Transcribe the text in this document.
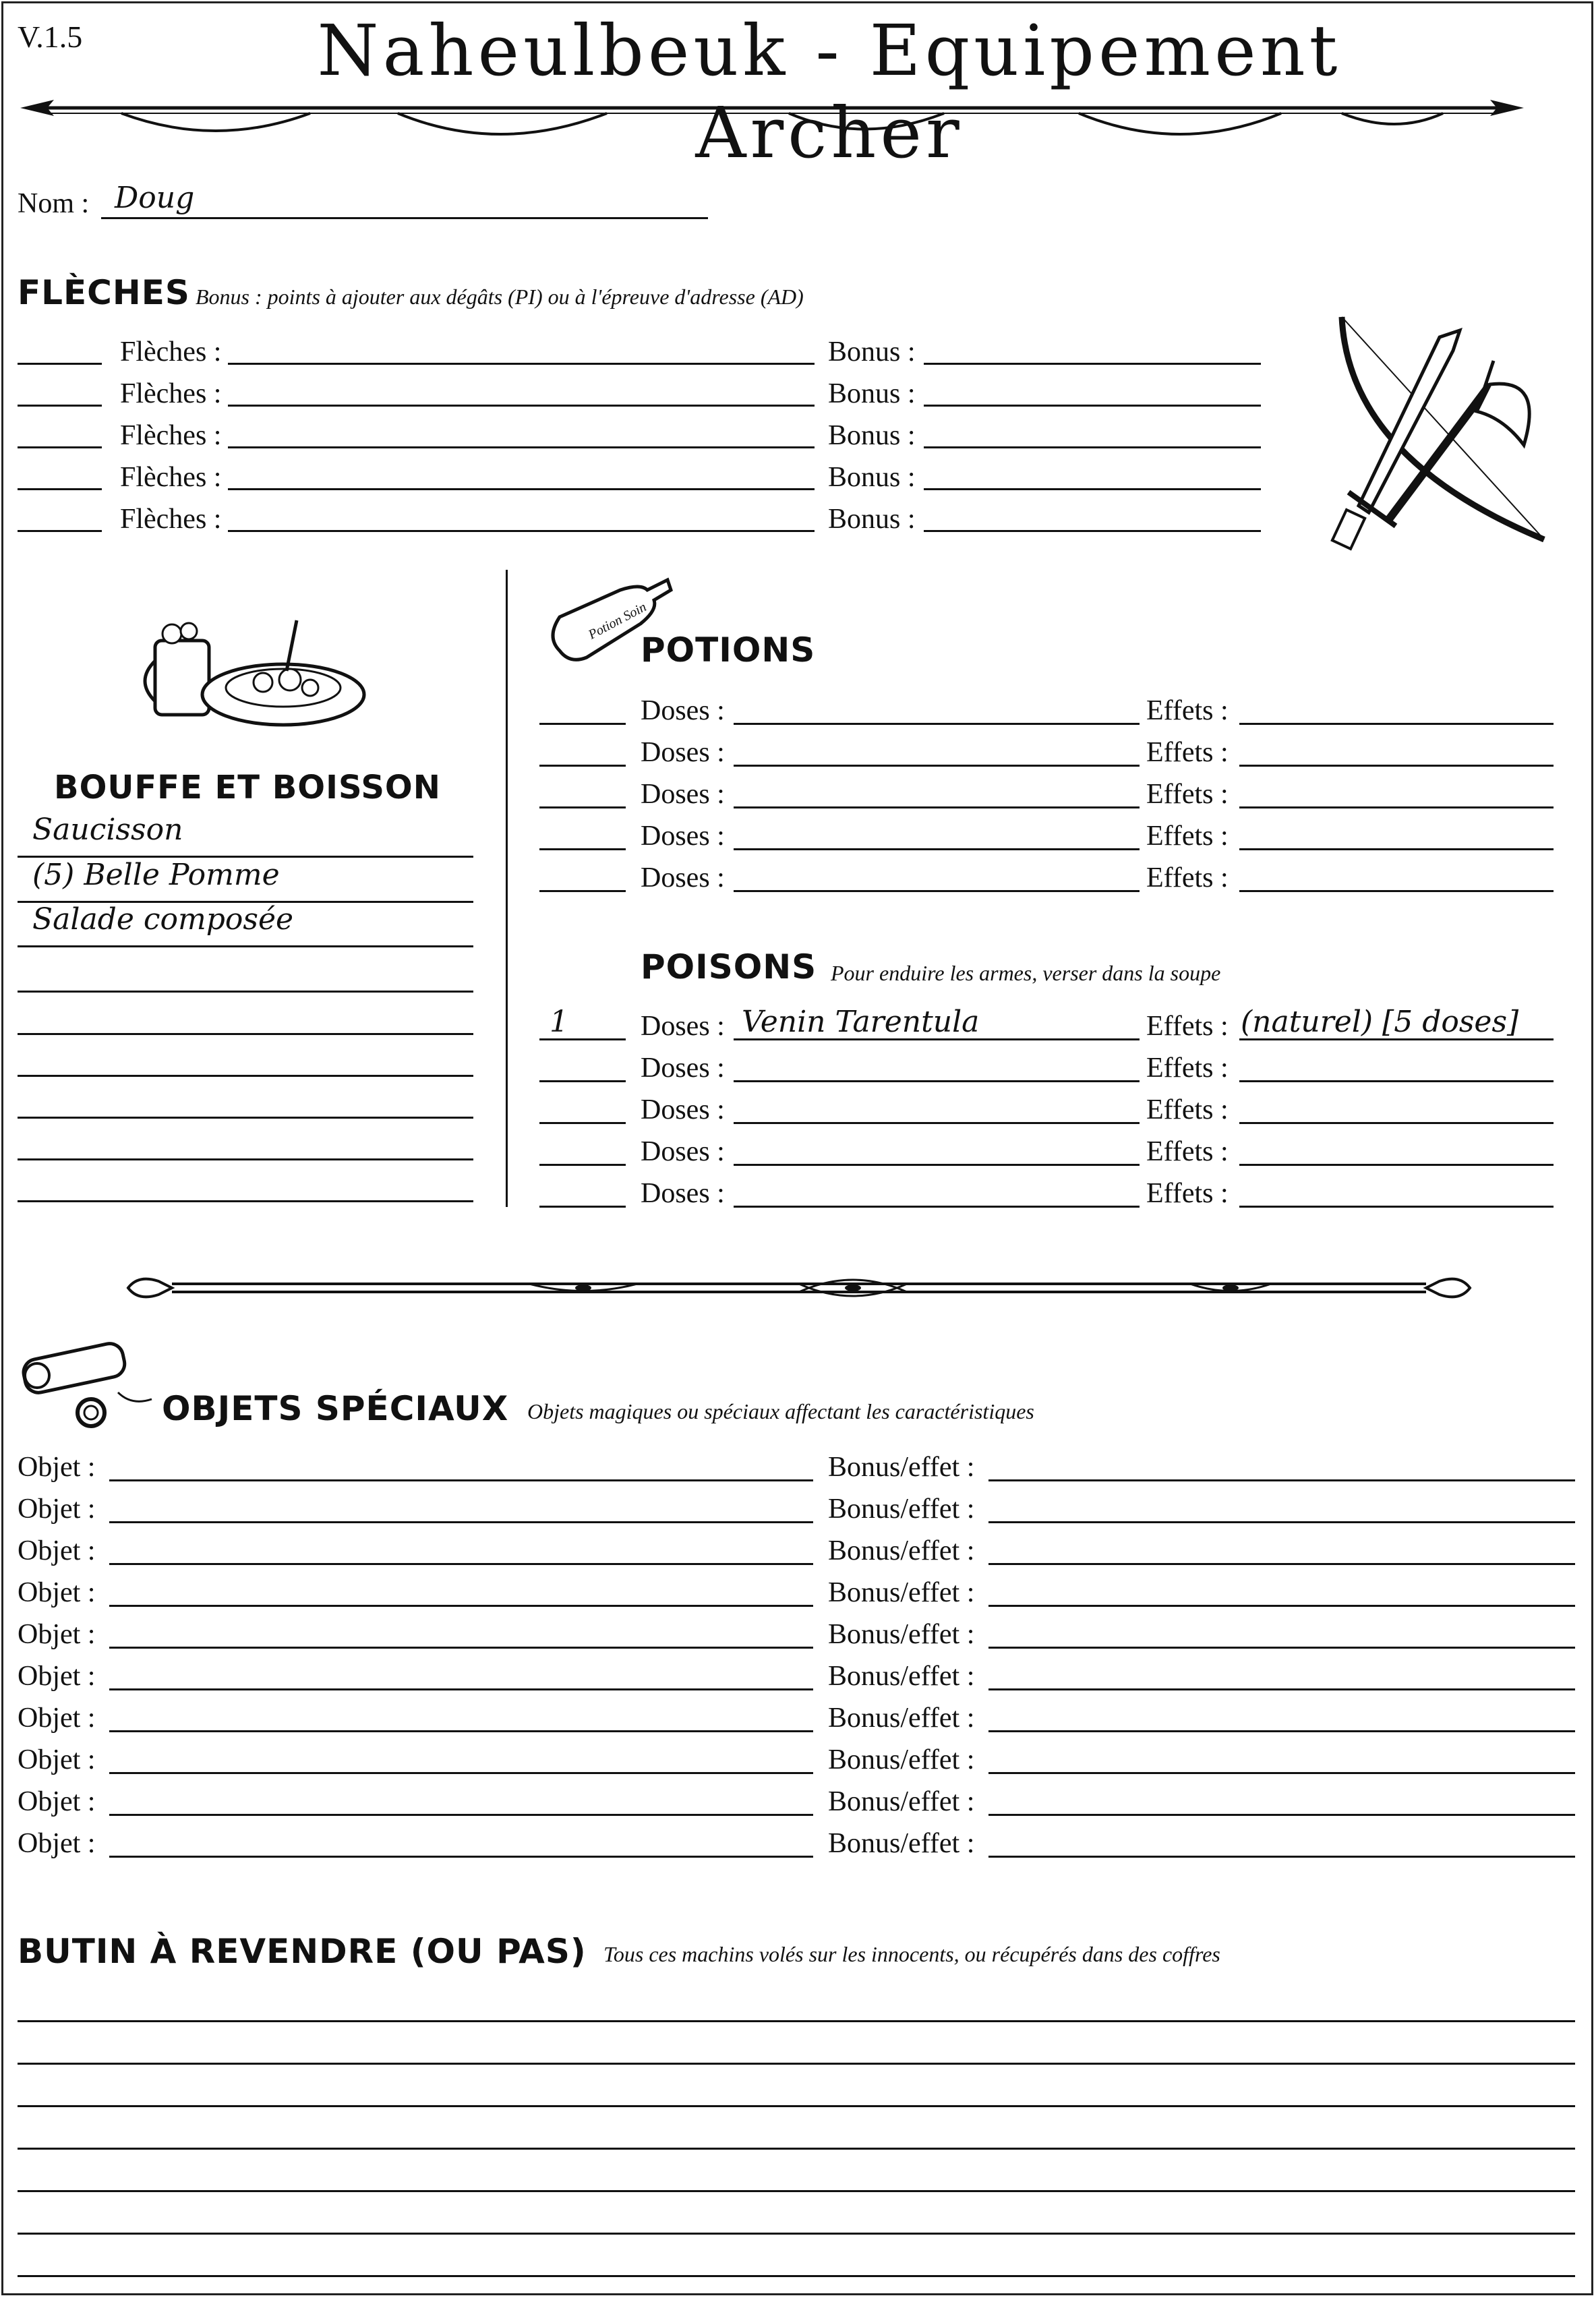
V.1.5	Naheulbeuk - Equipement Archer
Nom : Doug
FLÈCHES Bonus : points à ajouter aux dégâts (PI) ou à l'épreuve d'adresse (AD)
Flèches :	Bonus :
Flèches :	Bonus :
Flèches :	Bonus :
Flèches :	Bonus :
Flèches :	Bonus :
BOUFFE ET BOISSON
Saucisson
(5) Belle Pomme
Salade composée
Potion Soin
POTIONS
Doses :	Effets :
Doses :	Effets :
Doses :	Effets :
Doses :	Effets :
Doses :	Effets :
POISONS Pour enduire les armes, verser dans la soupe
1	Doses : Venin Tarentula	Effets : (naturel) [5 doses]
Doses :	Effets :
Doses :	Effets :
Doses :	Effets :
Doses :	Effets :
OBJETS SPÉCIAUX Objets magiques ou spéciaux affectant les caractéristiques
Objet :	Bonus/effet :
Objet :	Bonus/effet :
Objet :	Bonus/effet :
Objet :	Bonus/effet :
Objet :	Bonus/effet :
Objet :	Bonus/effet :
Objet :	Bonus/effet :
Objet :	Bonus/effet :
Objet :	Bonus/effet :
Objet :	Bonus/effet :
BUTIN À REVENDRE (OU PAS) Tous ces machins volés sur les innocents, ou récupérés dans des coffres
